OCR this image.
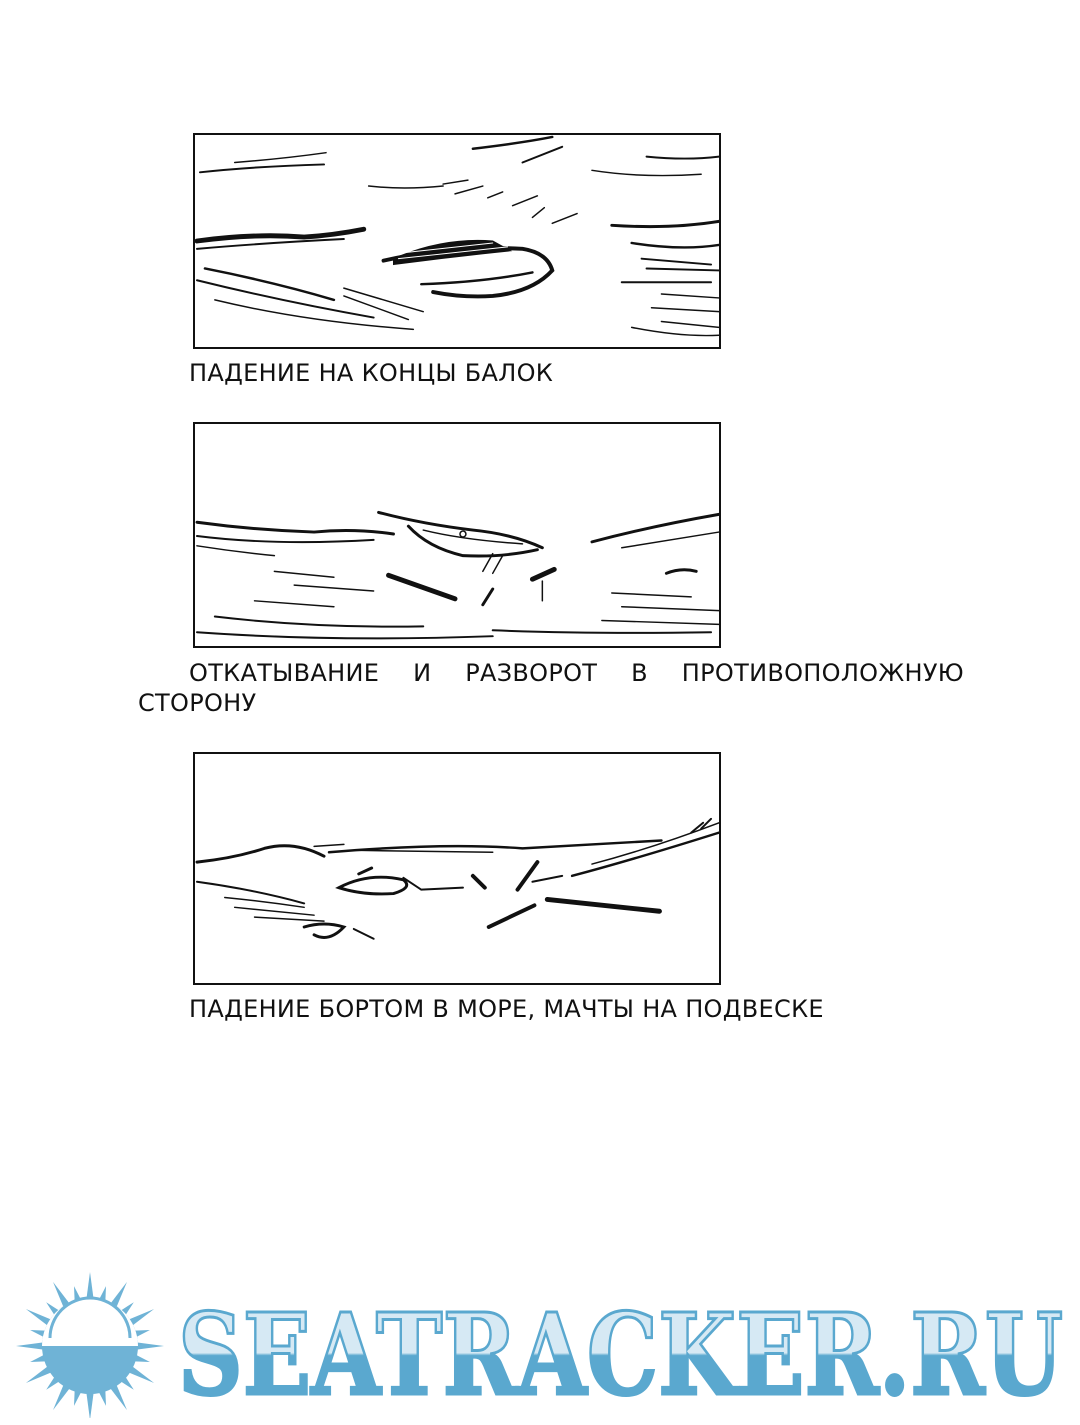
ПАДЕНИЕ НА КОНЦЫ БАЛОК
ОТКАТЫВАНИЕ И РАЗВОРОТ В ПРОТИВОПОЛОЖНУЮ СТОРОНУ
ПАДЕНИЕ БОРТОМ В МОРЕ, МАЧТЫ НА ПОДВЕСКЕ
SEATRACKER.RU
